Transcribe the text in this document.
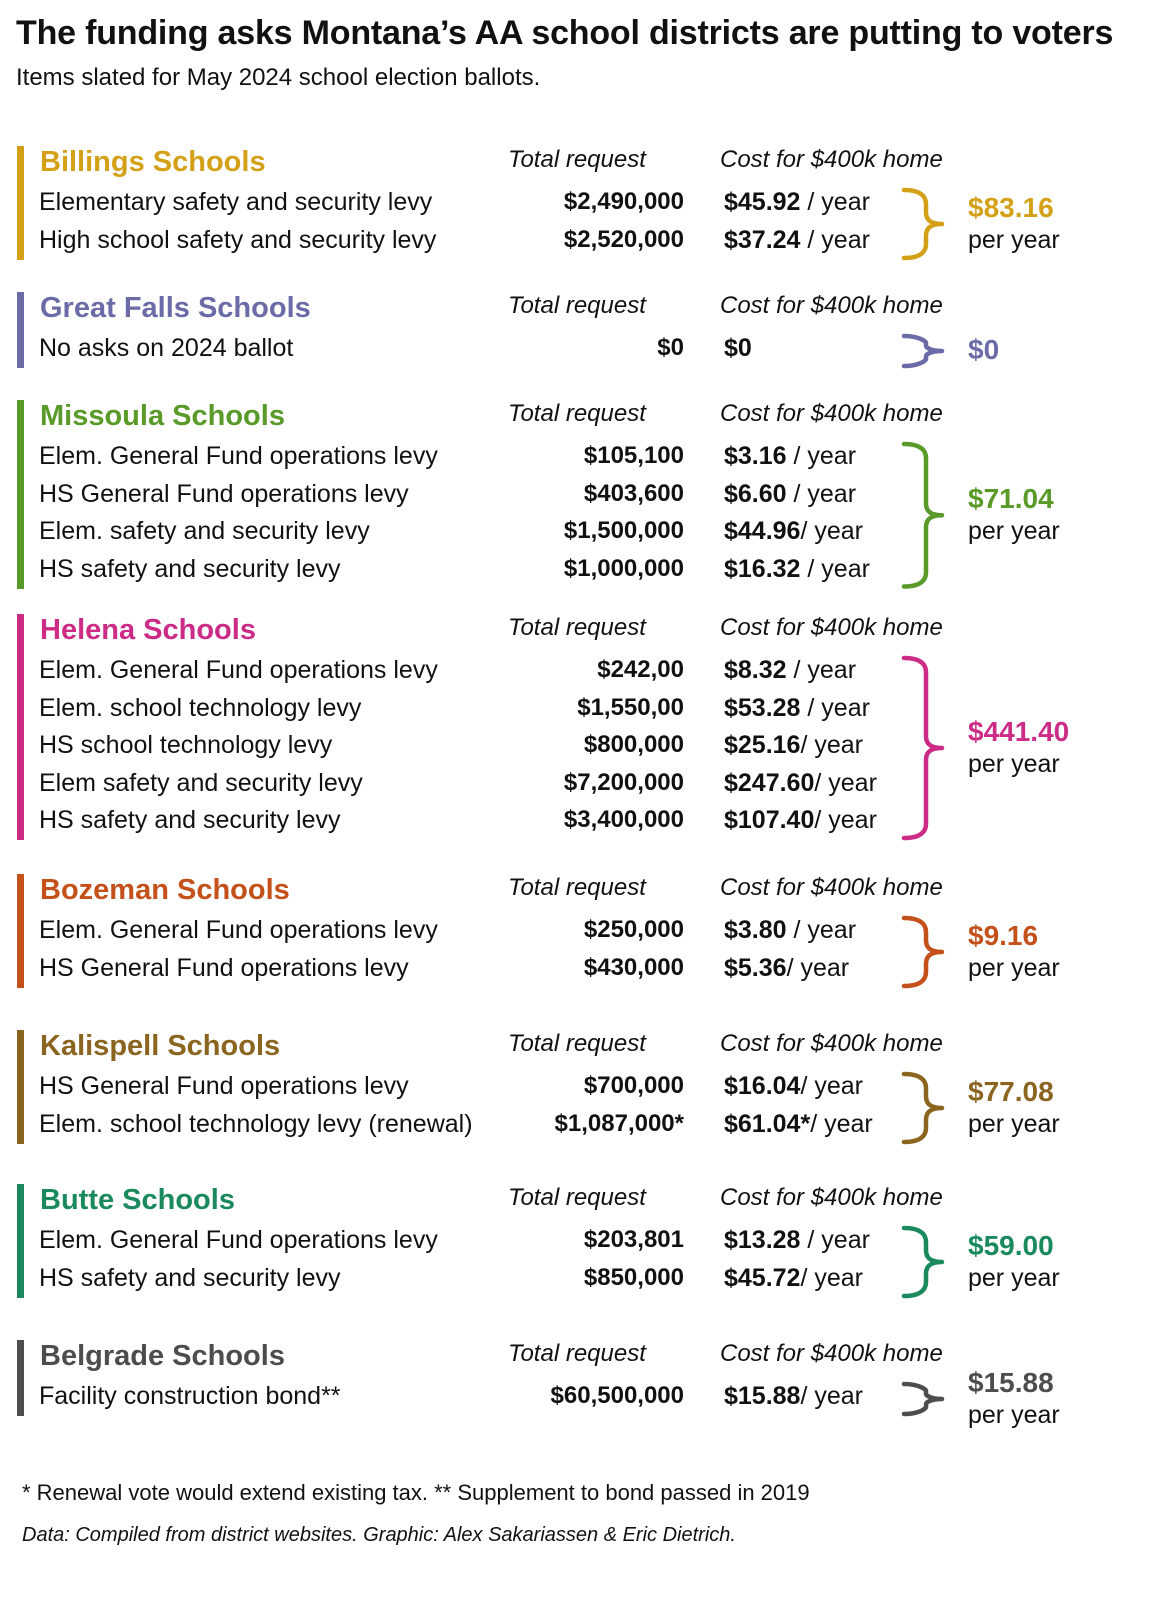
The funding asks Montana’s AA school districts are putting to voters
Items slated for May 2024 school election ballots.
Billings Schools	Total request	Cost for $400k home
Elementary safety and security levy	$2,490,000 $45.92 / year
High school safety and security levy	$2,520,000 $37.24 / year
$83.16
per year
Great Falls Schools	Total request	Cost for $400k home
No asks on 2024 ballot	$0 $0	$0
Missoula Schools	Total request	Cost for $400k home
Elem. General Fund operations levy	$105,100 $3.16 / year
HS General Fund operations levy	$403,600 $6.60 / year
Elem. safety and security levy	$1,500,000 $44.96/ year
HS safety and security levy	$1,000,000 $16.32 / year
$71.04
per year
Helena Schools	Total request	Cost for $400k home
Elem. General Fund operations levy	$242,00 $8.32 / year
Elem. school technology levy	$1,550,00 $53.28 / year
HS school technology levy	$800,000 $25.16/ year
Elem safety and security levy	$7,200,000 $247.60/ year
HS safety and security levy	$3,400,000 $107.40/ year
$441.40
per year
Bozeman Schools	Total request	Cost for $400k home
Elem. General Fund operations levy	$250,000 $3.80 / year
HS General Fund operations levy	$430,000 $5.36/ year
$9.16
per year
Kalispell Schools	Total request	Cost for $400k home
HS General Fund operations levy	$700,000 $16.04/ year
Elem. school technology levy (renewal)	$1,087,000* $61.04*/ year
$77.08
per year
Butte Schools	Total request	Cost for $400k home
Elem. General Fund operations levy	$203,801 $13.28 / year
HS safety and security levy	$850,000 $45.72/ year
$59.00
per year
Belgrade Schools	Total request	Cost for $400k home
Facility construction bond**	$60,500,000 $15.88/ year	$15.88
per year
* Renewal vote would extend existing tax. ** Supplement to bond passed in 2019
Data: Compiled from district websites. Graphic: Alex Sakariassen & Eric Dietrich.
